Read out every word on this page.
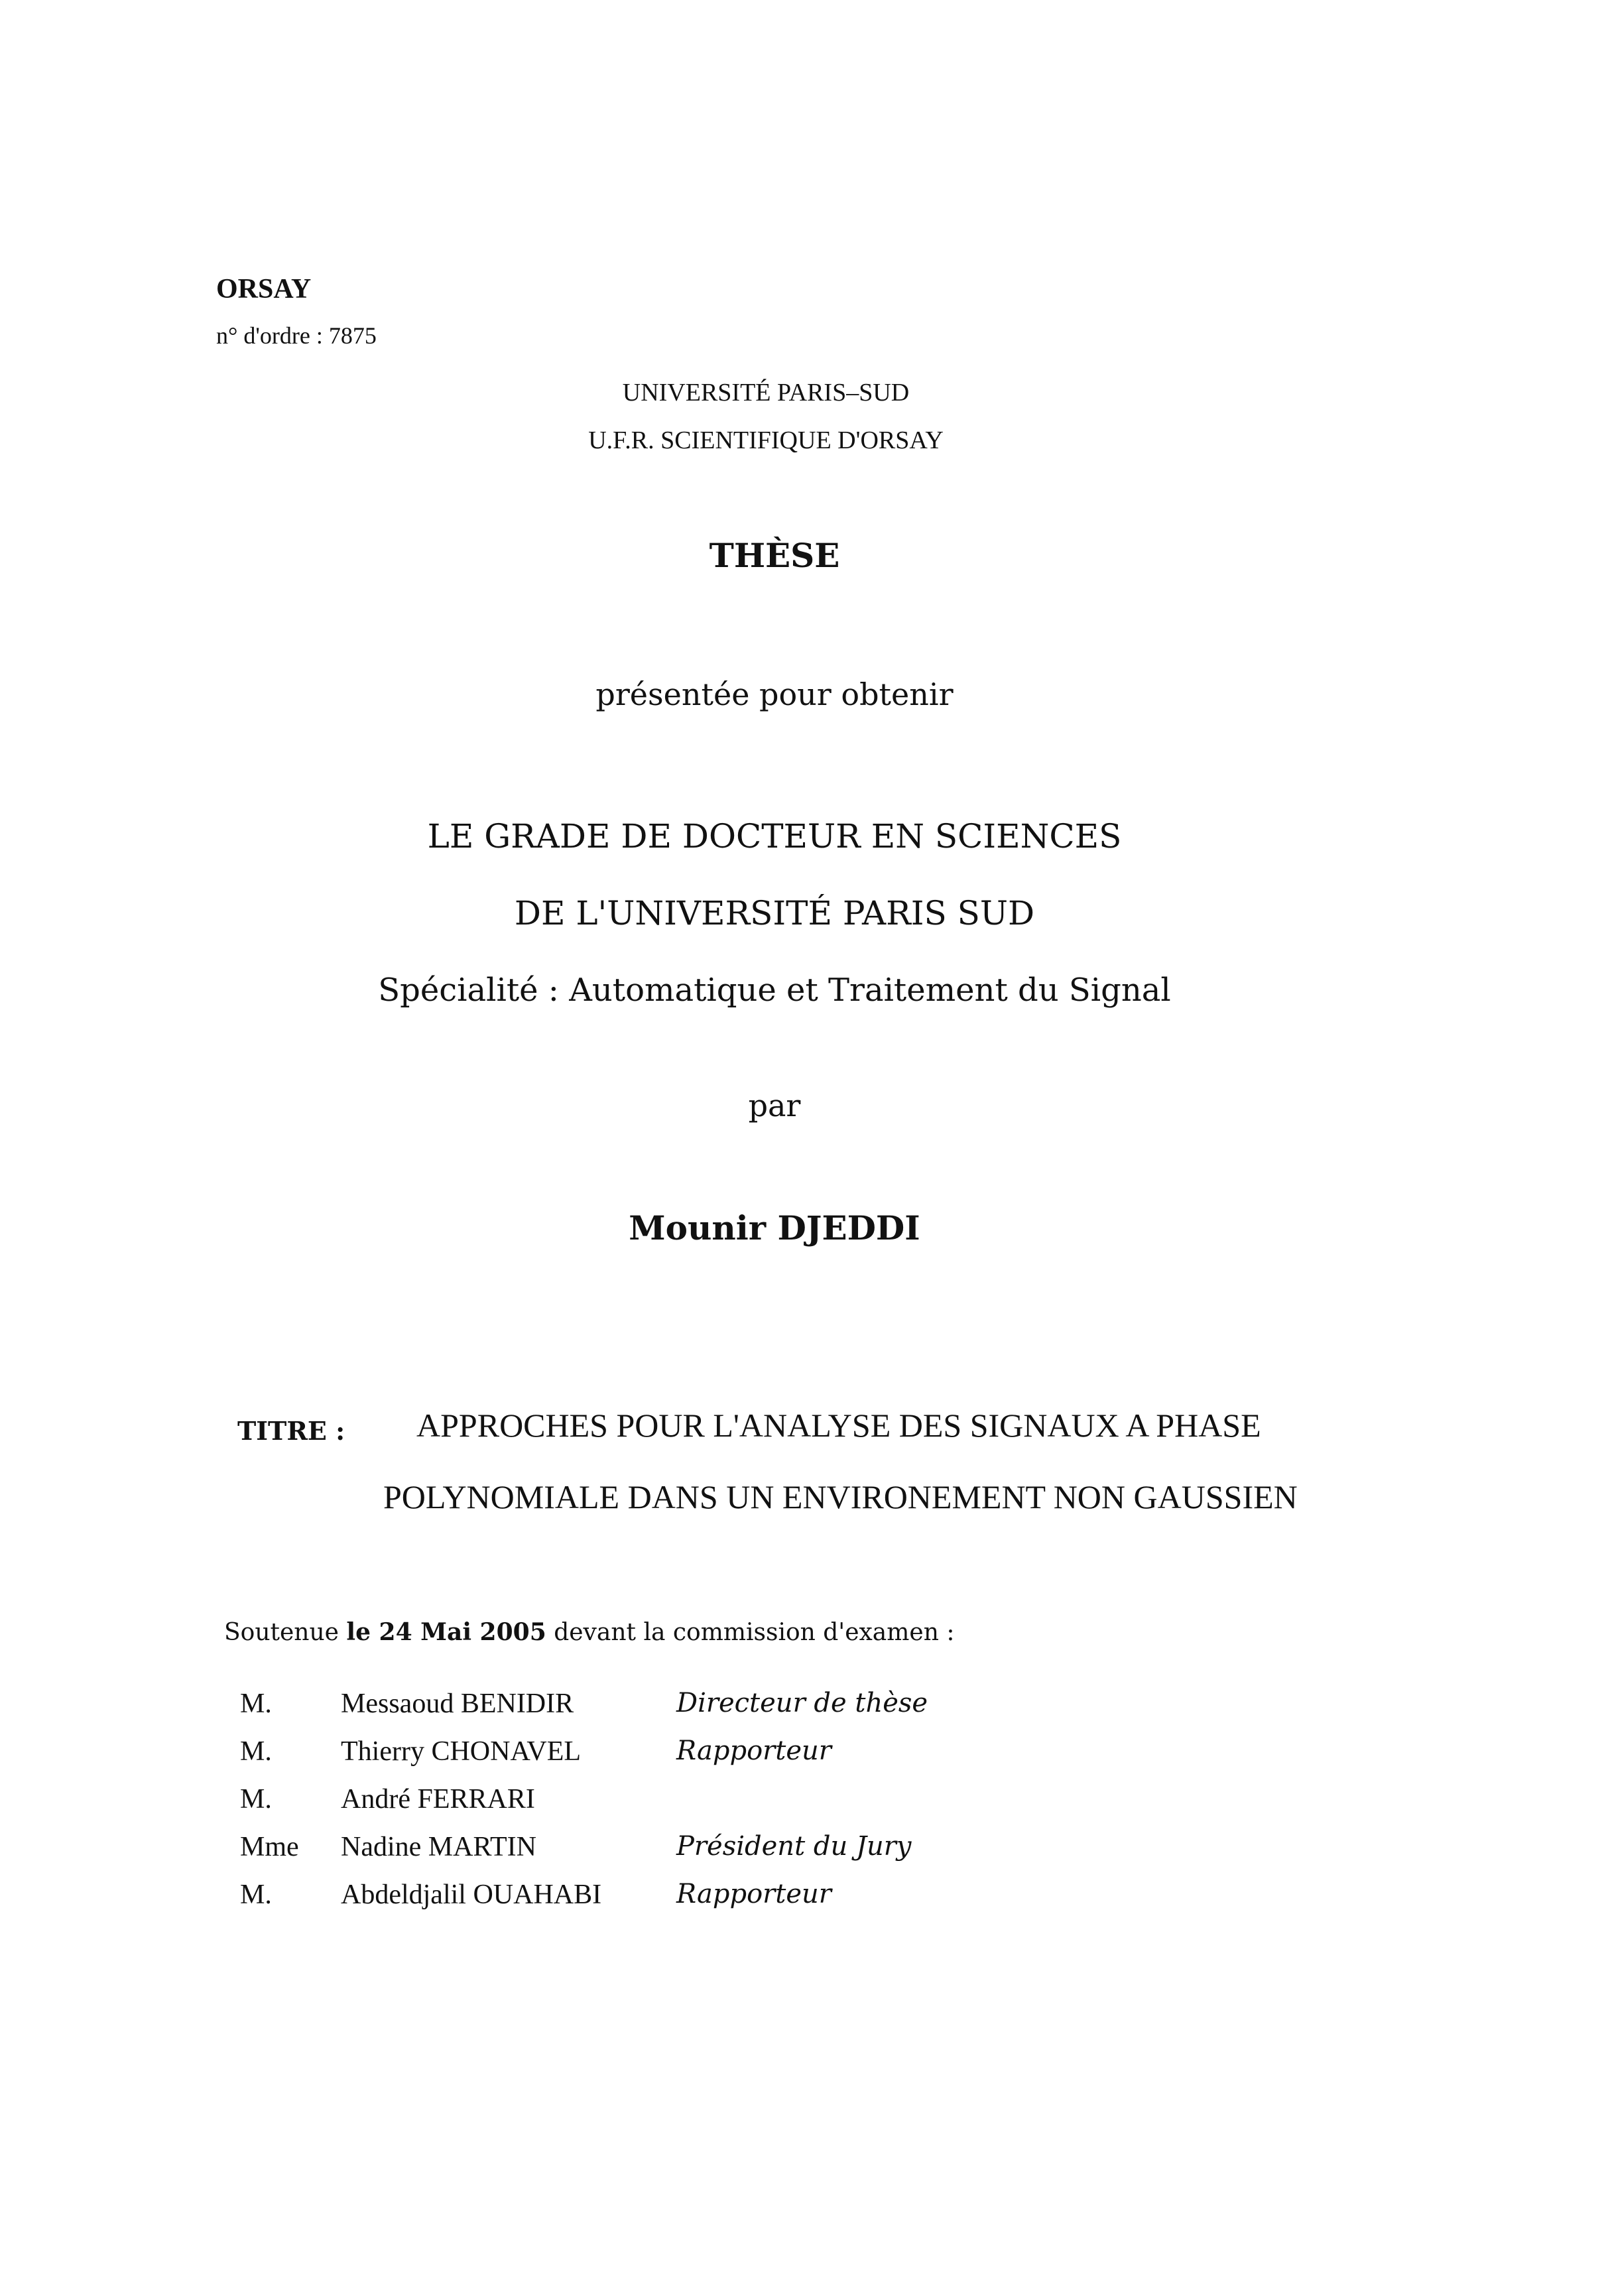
ORSAY
n° d'ordre : 7875
UNIVERSITÉ PARIS–SUD
U.F.R. SCIENTIFIQUE D'ORSAY
THÈSE
présentée pour obtenir
LE GRADE DE DOCTEUR EN SCIENCES
DE L'UNIVERSITÉ PARIS SUD
Spécialité : Automatique et Traitement du Signal
par
Mounir DJEDDI
TITRE : APPROCHES POUR L'ANALYSE DES SIGNAUX A PHASE
POLYNOMIALE DANS UN ENVIRONEMENT NON GAUSSIEN
Soutenue le 24 Mai 2005 devant la commission d'examen :
M. Messaoud BENIDIR	Directeur de thèse
M. Thierry CHONAVEL	Rapporteur
M. André FERRARI
Mme Nadine MARTIN	Président du Jury
M. Abdeldjalil OUAHABI	Rapporteur
